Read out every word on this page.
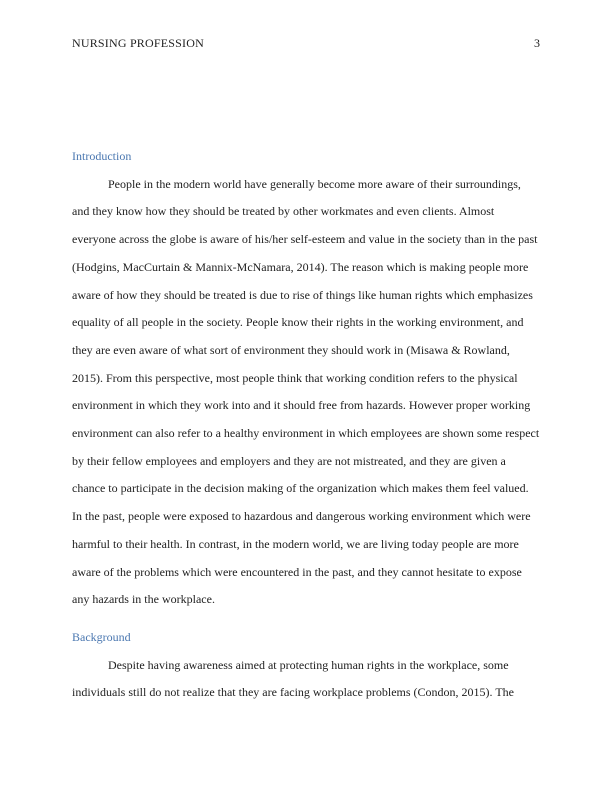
NURSING PROFESSION	3
Introduction
People in the modern world have generally become more aware of their surroundings,
and they know how they should be treated by other workmates and even clients. Almost
everyone across the globe is aware of his/her self-esteem and value in the society than in the past
(Hodgins, MacCurtain & Mannix-McNamara, 2014). The reason which is making people more
aware of how they should be treated is due to rise of things like human rights which emphasizes
equality of all people in the society. People know their rights in the working environment, and
they are even aware of what sort of environment they should work in (Misawa & Rowland,
2015). From this perspective, most people think that working condition refers to the physical
environment in which they work into and it should free from hazards. However proper working
environment can also refer to a healthy environment in which employees are shown some respect
by their fellow employees and employers and they are not mistreated, and they are given a
chance to participate in the decision making of the organization which makes them feel valued.
In the past, people were exposed to hazardous and dangerous working environment which were
harmful to their health. In contrast, in the modern world, we are living today people are more
aware of the problems which were encountered in the past, and they cannot hesitate to expose
any hazards in the workplace.
Background
Despite having awareness aimed at protecting human rights in the workplace, some
individuals still do not realize that they are facing workplace problems (Condon, 2015). The
